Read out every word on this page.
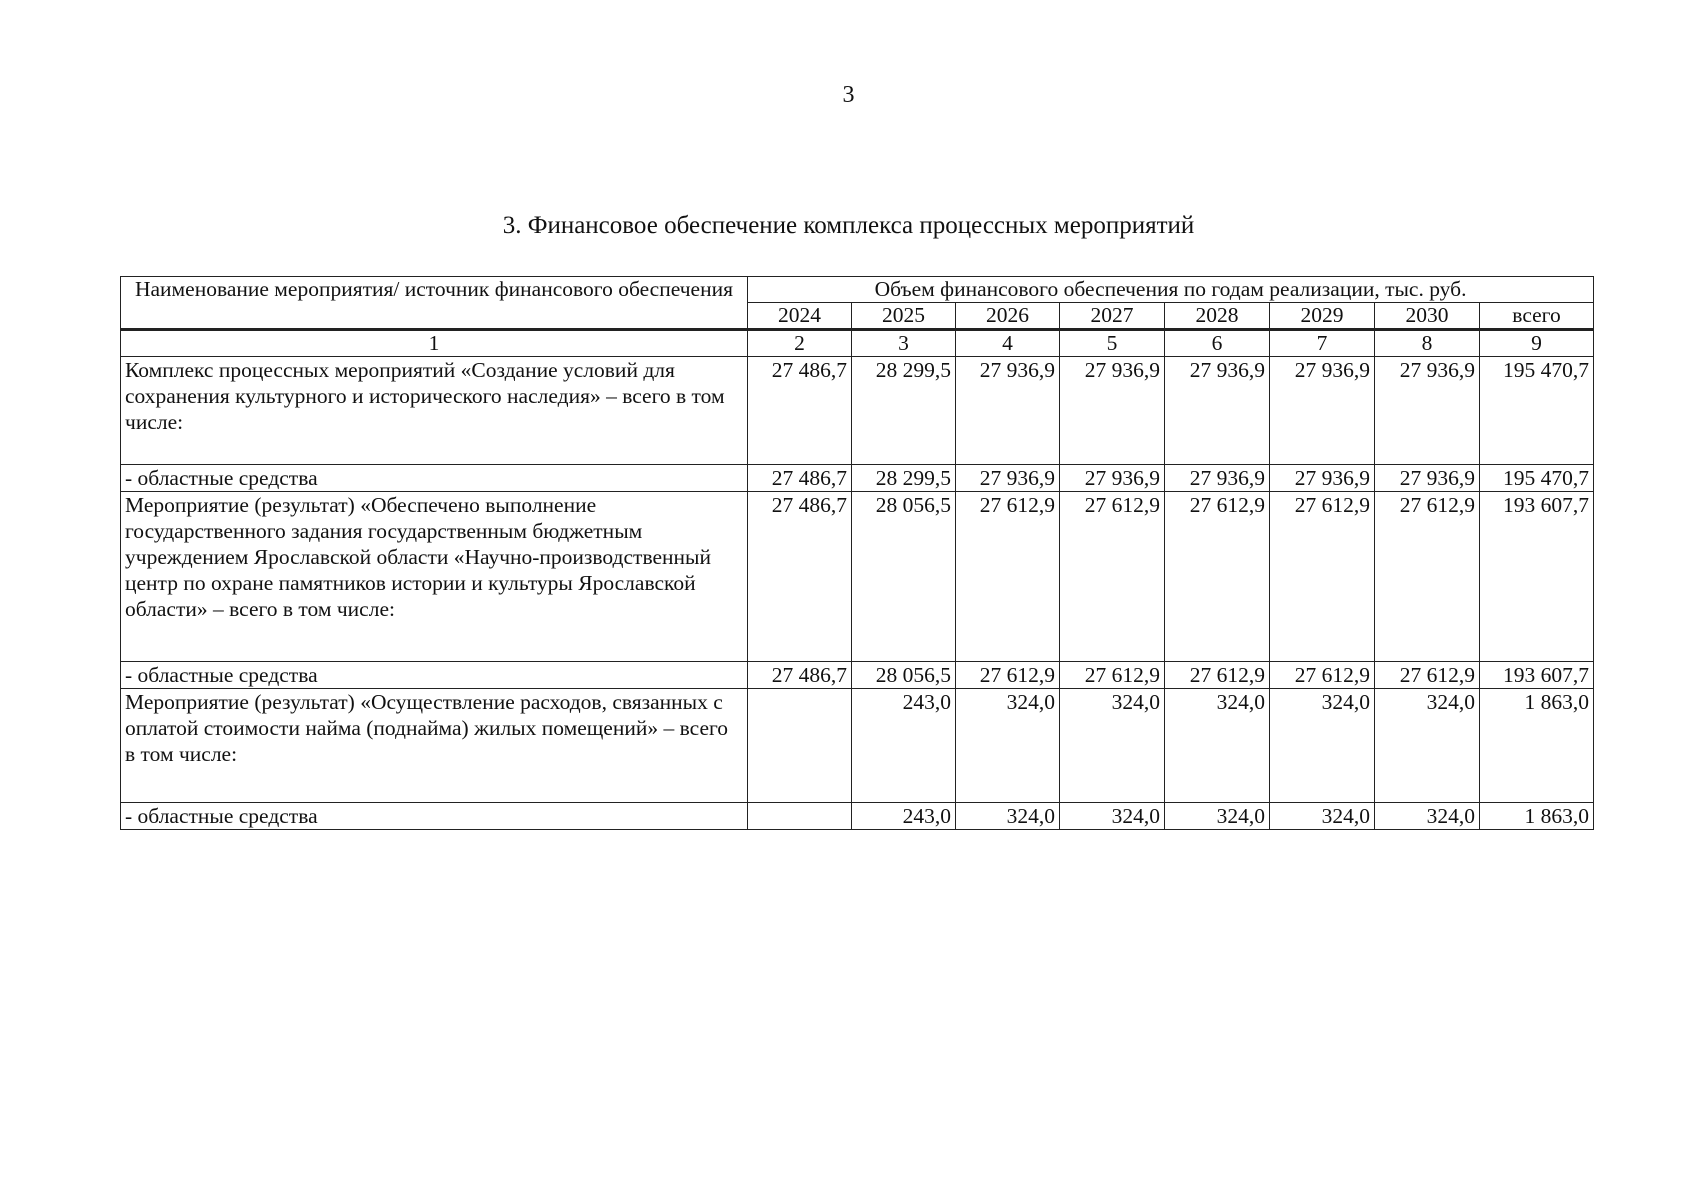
3
3. Финансовое обеспечение комплекса процессных мероприятий
Наименование мероприятия/ источник финансового обеспечения	Объем финансового обеспечения по годам реализации, тыс. руб.							
	2024	2025	2026	2027	2028	2029	2030	всего
1	2	3	4	5	6	7	8	9
Комплекс процессных мероприятий «Создание условий для сохранения культурного и исторического наследия» – всего в том числе:	27 486,7	28 299,5	27 936,9	27 936,9	27 936,9	27 936,9	27 936,9	195 470,7
- областные средства	27 486,7	28 299,5	27 936,9	27 936,9	27 936,9	27 936,9	27 936,9	195 470,7
Мероприятие (результат) «Обеспечено выполнение государственного задания государственным бюджетным учреждением Ярославской области «Научно-производственный центр по охране памятников истории и культуры Ярославской области» – всего в том числе:	27 486,7	28 056,5	27 612,9	27 612,9	27 612,9	27 612,9	27 612,9	193 607,7
- областные средства	27 486,7	28 056,5	27 612,9	27 612,9	27 612,9	27 612,9	27 612,9	193 607,7
Мероприятие (результат) «Осуществление расходов, связанных с оплатой стоимости найма (поднайма) жилых помещений» – всего в том числе:		243,0	324,0	324,0	324,0	324,0	324,0	1 863,0
- областные средства		243,0	324,0	324,0	324,0	324,0	324,0	1 863,0
